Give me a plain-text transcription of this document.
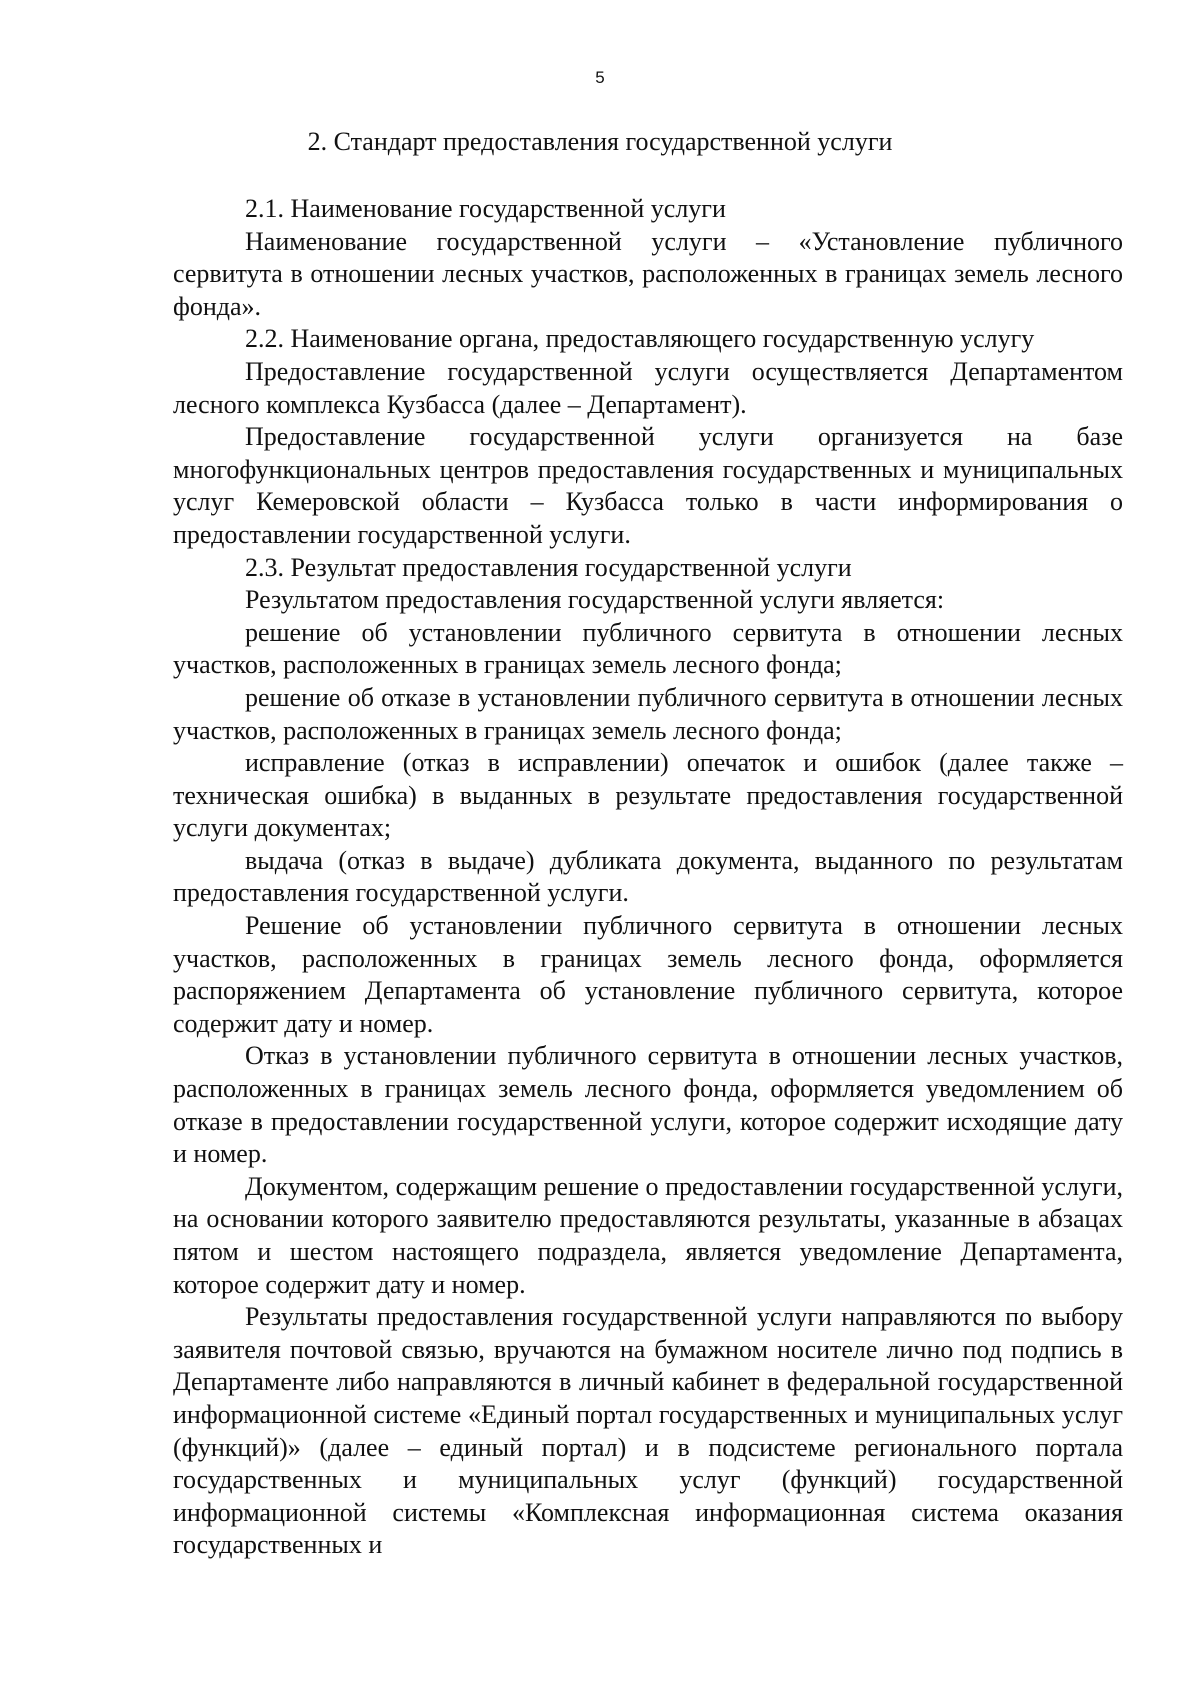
5
2. Стандарт предоставления государственной услуги

2.1. Наименование государственной услуги

Наименование государственной услуги – «Установление публичного сервитута в отношении лесных участков, расположенных в границах земель лесного фонда».

2.2. Наименование органа, предоставляющего государственную услугу

Предоставление государственной услуги осуществляется Департаментом лесного комплекса Кузбасса (далее – Департамент).

Предоставление государственной услуги организуется на базе многофункциональных центров предоставления государственных и муниципальных услуг Кемеровской области – Кузбасса только в части информирования о предоставлении государственной услуги.

2.3. Результат предоставления государственной услуги

Результатом предоставления государственной услуги является:

решение об установлении публичного сервитута в отношении лесных участков, расположенных в границах земель лесного фонда;

решение об отказе в установлении публичного сервитута в отношении лесных участков, расположенных в границах земель лесного фонда;

исправление (отказ в исправлении) опечаток и ошибок (далее также – техническая ошибка) в выданных в результате предоставления государственной услуги документах;

выдача (отказ в выдаче) дубликата документа, выданного по результатам предоставления государственной услуги.

Решение об установлении публичного сервитута в отношении лесных участков, расположенных в границах земель лесного фонда, оформляется распоряжением Департамента об установление публичного сервитута, которое содержит дату и номер.

Отказ в установлении публичного сервитута в отношении лесных участков, расположенных в границах земель лесного фонда, оформляется уведомлением об отказе в предоставлении государственной услуги, которое содержит исходящие дату и номер.

Документом, содержащим решение о предоставлении государственной услуги, на основании которого заявителю предоставляются результаты, указанные в абзацах пятом и шестом настоящего подраздела, является уведомление Департамента, которое содержит дату и номер.

Результаты предоставления государственной услуги направляются по выбору заявителя почтовой связью, вручаются на бумажном носителе лично под подпись в Департаменте либо направляются в личный кабинет в федеральной государственной информационной системе «Единый портал государственных и муниципальных услуг (функций)» (далее – единый портал) и в подсистеме регионального портала государственных и муниципальных услуг (функций) государственной информационной системы «Комплексная информационная система оказания государственных и
